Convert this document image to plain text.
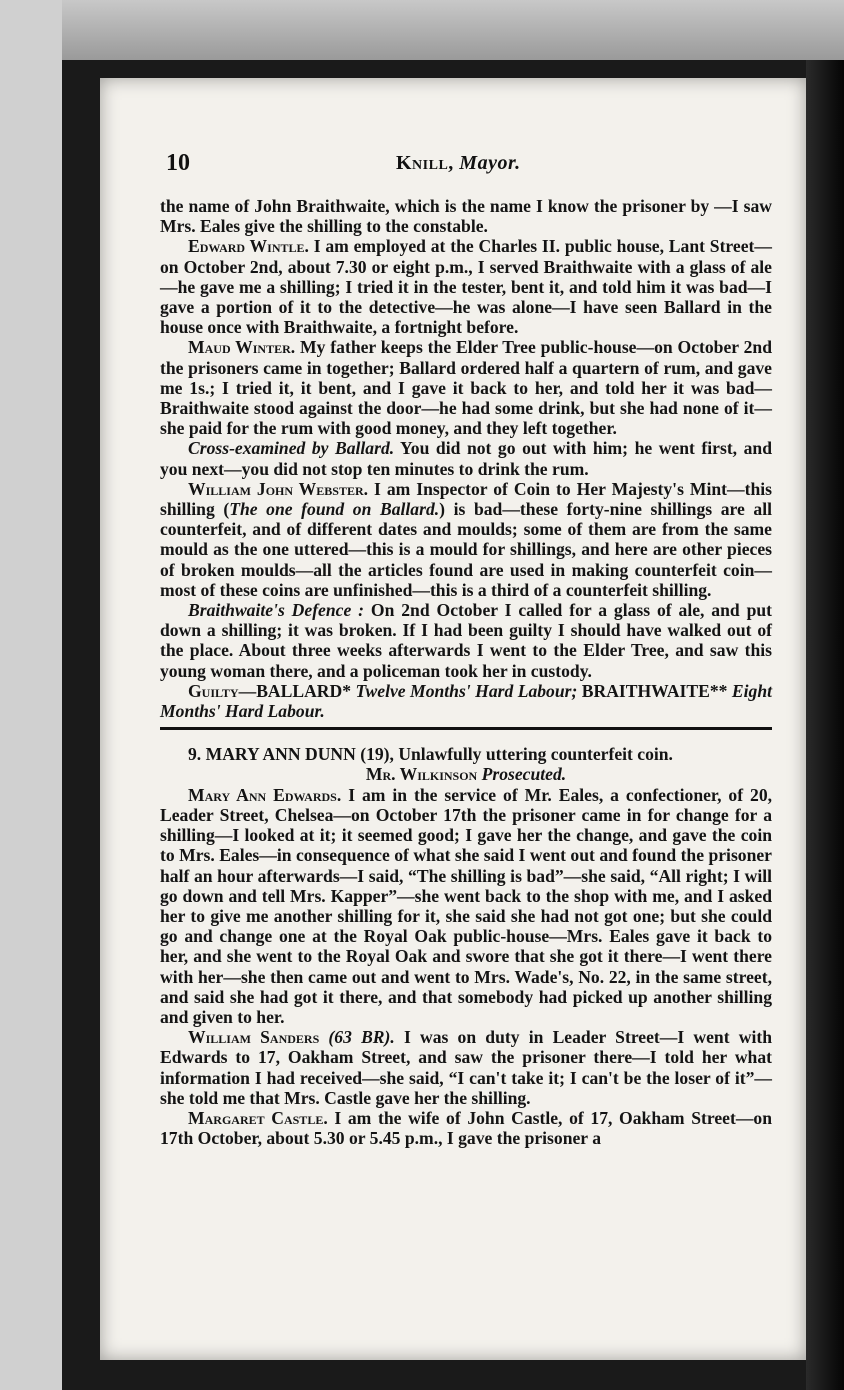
10	Knill, Mayor.

the name of John Braithwaite, which is the name I know the prisoner by —I saw Mrs. Eales give the shilling to the constable.

Edward Wintle. I am employed at the Charles II. public house, Lant Street—on October 2nd, about 7.30 or eight p.m., I served Braithwaite with a glass of ale—he gave me a shilling; I tried it in the tester, bent it, and told him it was bad—I gave a portion of it to the detective—he was alone—I have seen Ballard in the house once with Braithwaite, a fortnight before.

Maud Winter. My father keeps the Elder Tree public-house—on October 2nd the prisoners came in together; Ballard ordered half a quartern of rum, and gave me 1s.; I tried it, it bent, and I gave it back to her, and told her it was bad—Braithwaite stood against the door—he had some drink, but she had none of it—she paid for the rum with good money, and they left together.

Cross-examined by Ballard. You did not go out with him; he went first, and you next—you did not stop ten minutes to drink the rum.

William John Webster. I am Inspector of Coin to Her Majesty's Mint—this shilling (The one found on Ballard.) is bad—these forty-nine shillings are all counterfeit, and of different dates and moulds; some of them are from the same mould as the one uttered—this is a mould for shillings, and here are other pieces of broken moulds—all the articles found are used in making counterfeit coin—most of these coins are unfinished—this is a third of a counterfeit shilling.

Braithwaite's Defence : On 2nd October I called for a glass of ale, and put down a shilling; it was broken. If I had been guilty I should have walked out of the place. About three weeks afterwards I went to the Elder Tree, and saw this young woman there, and a policeman took her in custody.

Guilty—BALLARD* Twelve Months' Hard Labour; BRAITHWAITE** Eight Months' Hard Labour.

9. MARY ANN DUNN (19), Unlawfully uttering counterfeit coin.

Mr. Wilkinson Prosecuted.

Mary Ann Edwards. I am in the service of Mr. Eales, a confectioner, of 20, Leader Street, Chelsea—on October 17th the prisoner came in for change for a shilling—I looked at it; it seemed good; I gave her the change, and gave the coin to Mrs. Eales—in consequence of what she said I went out and found the prisoner half an hour afterwards—I said, “The shilling is bad”—she said, “All right; I will go down and tell Mrs. Kapper”—she went back to the shop with me, and I asked her to give me another shilling for it, she said she had not got one; but she could go and change one at the Royal Oak public-house—Mrs. Eales gave it back to her, and she went to the Royal Oak and swore that she got it there—I went there with her—she then came out and went to Mrs. Wade's, No. 22, in the same street, and said she had got it there, and that somebody had picked up another shilling and given to her.

William Sanders (63 BR). I was on duty in Leader Street—I went with Edwards to 17, Oakham Street, and saw the prisoner there—I told her what information I had received—she said, “I can't take it; I can't be the loser of it”—she told me that Mrs. Castle gave her the shilling.

Margaret Castle. I am the wife of John Castle, of 17, Oakham Street—on 17th October, about 5.30 or 5.45 p.m., I gave the prisoner a
